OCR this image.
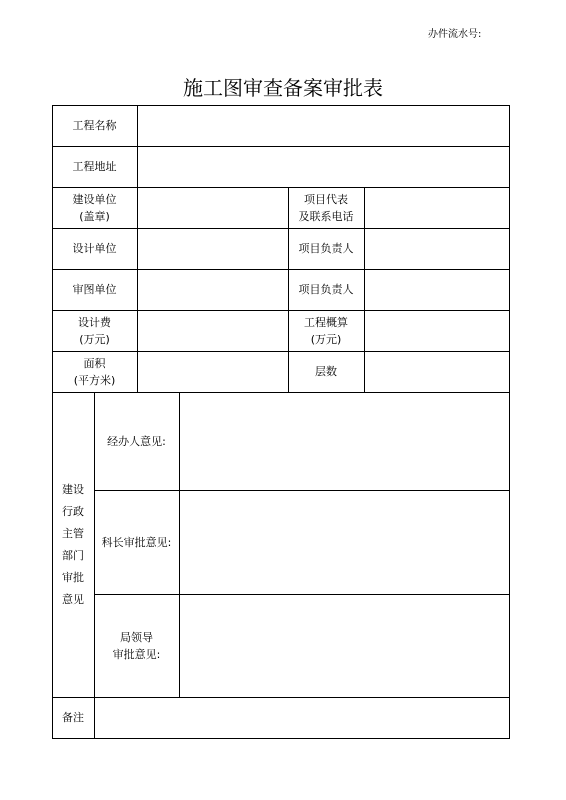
办件流水号:
施工图审查备案审批表
工程名称
工程地址
建设单位
(盖章)
项目代表
及联系电话
设计单位	项目负责人
审图单位	项目负责人
设计费
(万元)
工程概算
(万元)
面积
(平方米)
层数
建设
行政
主管
部门
审批
意见
经办人意见:
科长审批意见:
局领导
审批意见:
备注
